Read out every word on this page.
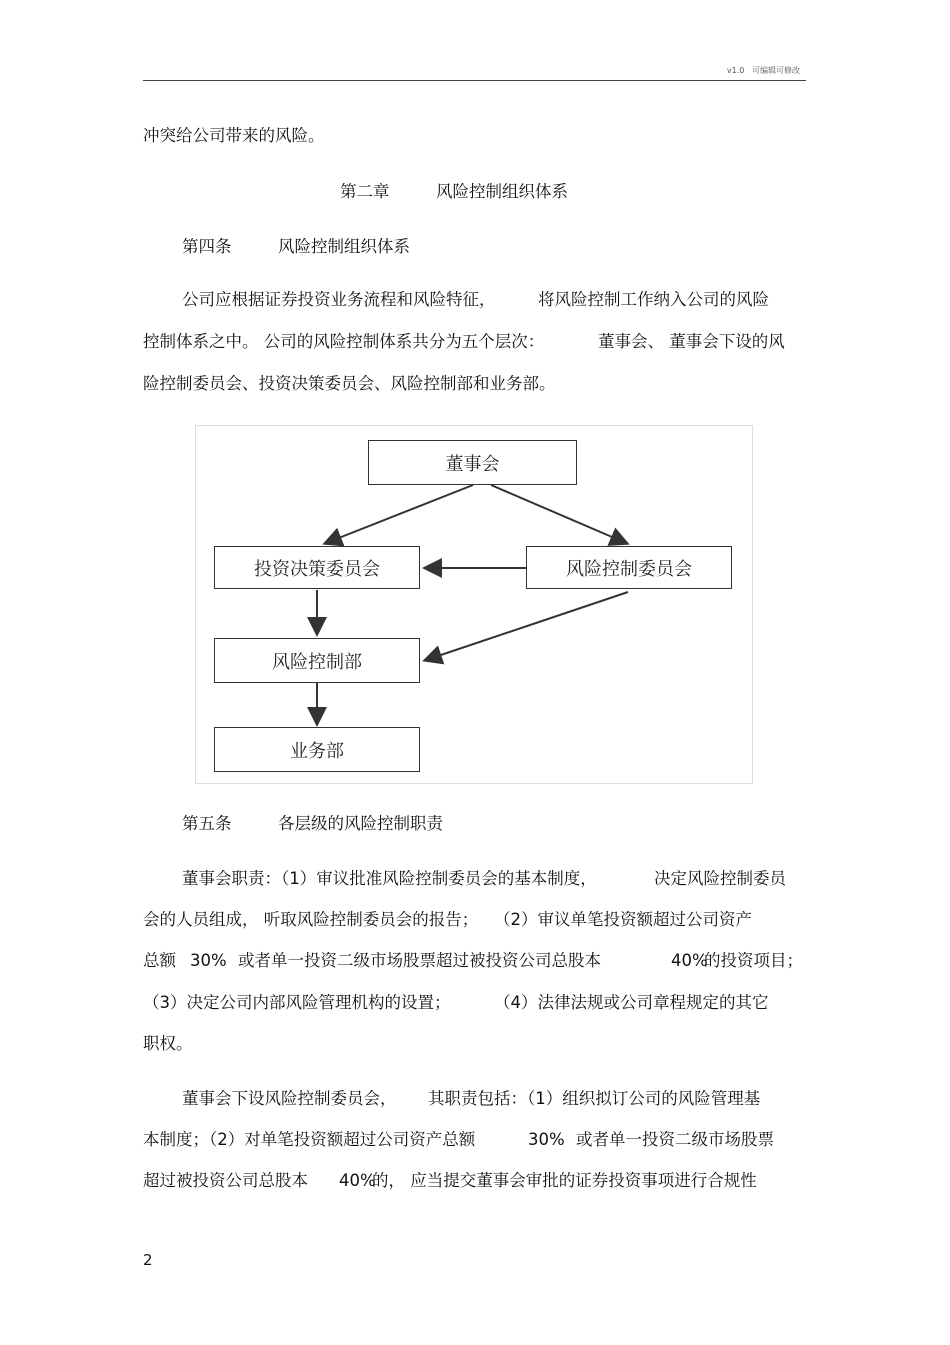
v1.0 可编辑可修改
冲突给公司带来的风险。
第二章	风险控制组织体系
第四条	风险控制组织体系
公司应根据证券投资业务流程和风险特征，	将风险控制工作纳入公司的风险
控制体系之中。 公司的风险控制体系共分为五个层次：	董事会、 董事会下设的风
险控制委员会、投资决策委员会、风险控制部和业务部。
董事会
投资决策委员会	风险控制委员会
风险控制部
业务部
第五条	各层级的风险控制职责
董事会职责：（1）审议批准风险控制委员会的基本制度，	决定风险控制委员
会的人员组成， 听取风险控制委员会的报告； （2）审议单笔投资额超过公司资产
总额 30% 或者单一投资二级市场股票超过被投资公司总股本	40%
的投资项目；
（3）决定公司内部风险管理机构的设置；	（4）法律法规或公司章程规定的其它
职权。
董事会下设风险控制委员会， 其职责包括：（1）组织拟订公司的风险管理基
本制度；（2）对单笔投资额超过公司资产总额	30% 或者单一投资二级市场股票
超过被投资公司总股本 40%
的， 应当提交董事会审批的证券投资事项进行合规性
2
